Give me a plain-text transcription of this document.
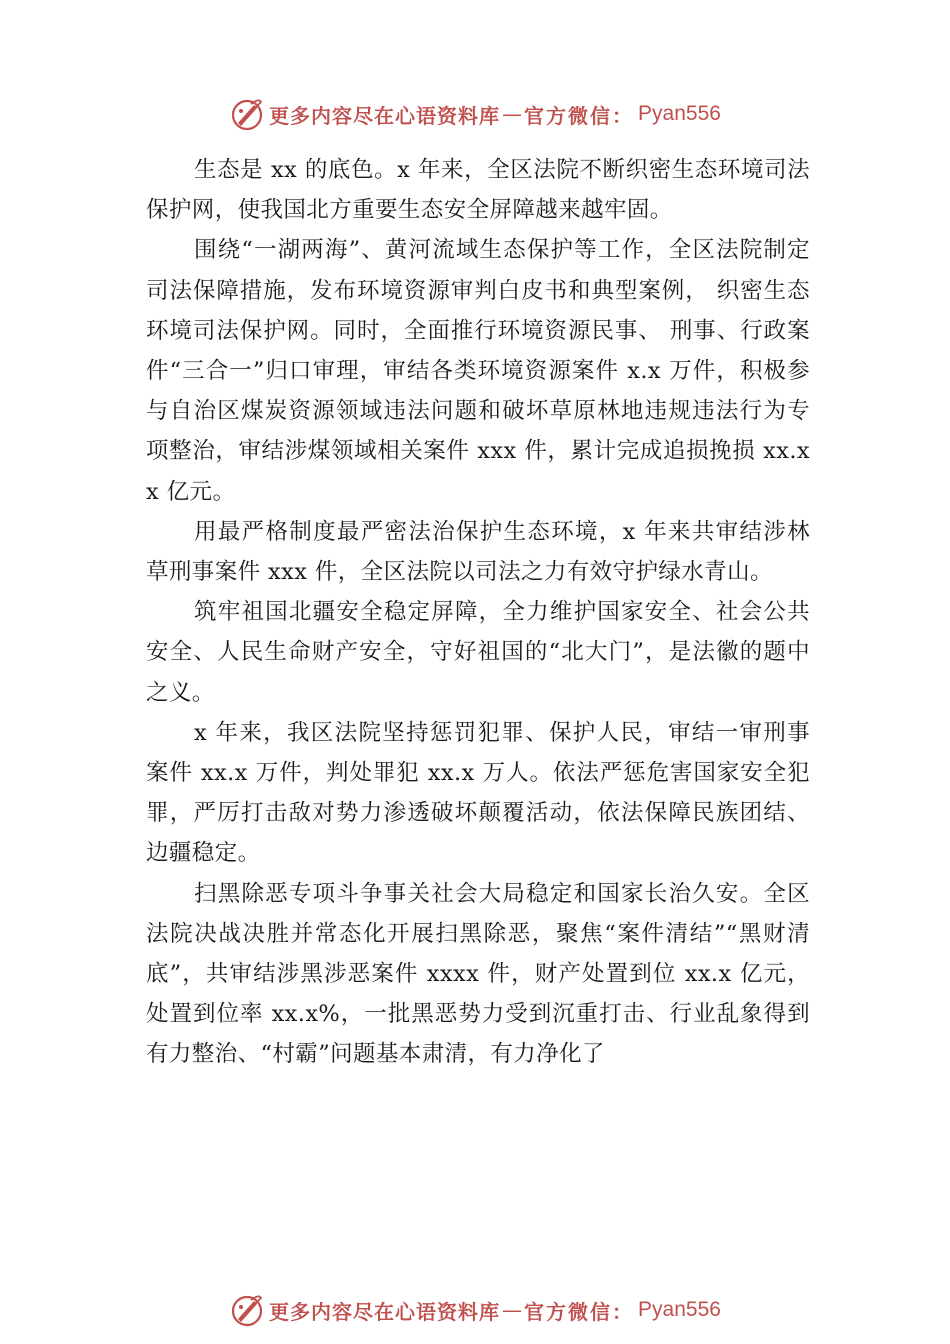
更多内容尽在心语资料库 — 官方微信： Pyan556

生态是 xx 的底色。x 年来，全区法院不断织密生态环境司法保护网，使我国北方重要生态安全屏障越来越牢固。

围绕“一湖两海”、黄河流域生态保护等工作，全区法院制定司法保障措施，发布环境资源审判白皮书和典型案例， 织密生态环境司法保护网。同时，全面推行环境资源民事、 刑事、行政案件“三合一”归口审理，审结各类环境资源案件 x.x 万件，积极参与自治区煤炭资源领域违法问题和破坏草原林地违规违法行为专项整治，审结涉煤领域相关案件 xxx 件，累计完成追损挽损 xx.xx 亿元。

用最严格制度最严密法治保护生态环境，x 年来共审结涉林草刑事案件 xxx 件，全区法院以司法之力有效守护绿水青山。

筑牢祖国北疆安全稳定屏障，全力维护国家安全、社会公共安全、人民生命财产安全，守好祖国的“北大门”，是法徽的题中之义。

x 年来，我区法院坚持惩罚犯罪、保护人民，审结一审刑事案件 xx.x 万件，判处罪犯 xx.x 万人。依法严惩危害国家安全犯罪，严厉打击敌对势力渗透破坏颠覆活动，依法保障民族团结、边疆稳定。

扫黑除恶专项斗争事关社会大局稳定和国家长治久安。全区法院决战决胜并常态化开展扫黑除恶，聚焦“案件清结”“黑财清底”，共审结涉黑涉恶案件 xxxx 件，财产处置到位 xx.x 亿元，处置到位率 xx.x%，一批黑恶势力受到沉重打击、行业乱象得到有力整治、“村霸”问题基本肃清，有力净化了

更多内容尽在心语资料库 — 官方微信： Pyan556
